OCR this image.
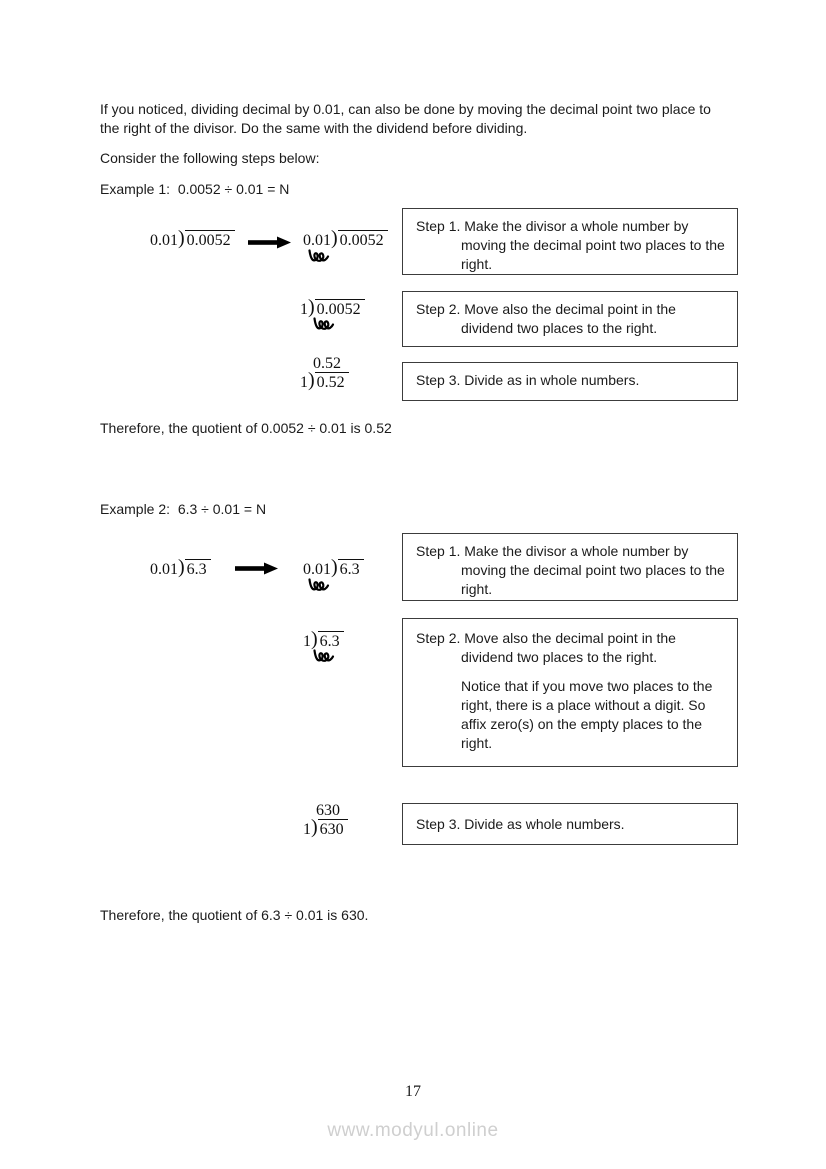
If you noticed, dividing decimal by 0.01, can also be done by moving the decimal point two place to the right of the divisor. Do the same with the dividend before dividing.

Consider the following steps below:

Example 1:  0.0052 ÷ 0.01 = N

0.01) 0.0052	0.01) 0.0052

Step 1. Make the divisor a whole number by moving the decimal point two places to the right.

1) 0.0052	Step 2. Move also the decimal point in the dividend two places to the right.

0.52
1) 0.52	Step 3. Divide as in whole numbers.

Therefore, the quotient of 0.0052 ÷ 0.01 is 0.52

Example 2:  6.3 ÷ 0.01 = N

0.01) 6.3	0.01) 6.3

Step 1. Make the divisor a whole number by moving the decimal point two places to the right.

1) 6.3	Step 2. Move also the decimal point in the dividend two places to the right.

Notice that if you move two places to the right, there is a place without a digit. So affix zero(s) on the empty places to the right.

630
1) 630	Step 3. Divide as whole numbers.

Therefore, the quotient of 6.3 ÷ 0.01 is 630.

17
www.modyul.online
